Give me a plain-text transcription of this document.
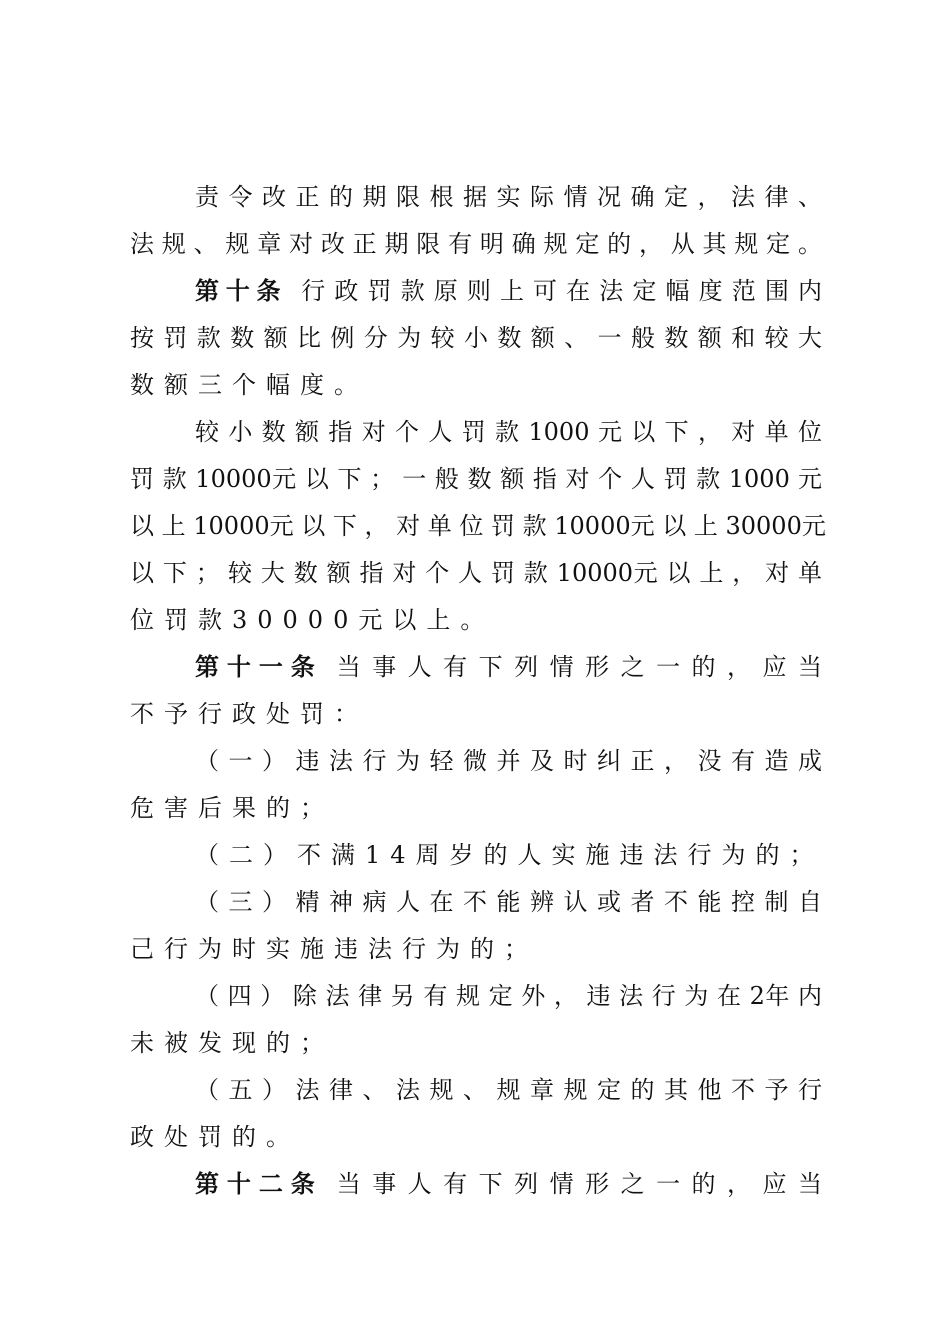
责 令 改 正 的 期 限 根 据 实 际 情 况 确 定 ， 法 律 、
法 规 、 规 章 对 改 正 期 限 有 明 确 规 定 的 ， 从 其 规 定 。
第十条 行 政 罚 款 原 则 上 可 在 法 定 幅 度 范 围 内
按 罚 款 数 额 比 例 分 为 较 小 数 额 、 一 般 数 额 和 较 大
数额三个幅度。
较 小 数 额 指 对 个 人 罚 款 1000 元 以 下 ， 对 单 位
罚 款 10000元 以 下 ； 一 般 数 额 指 对 个 人 罚 款 1000 元
以 上 10000元 以 下 ， 对 单 位 罚 款 10000元 以 上 30000元
以 下 ； 较 大 数 额 指 对 个 人 罚 款 10000元 以 上 ， 对 单
位罚款30000元以上。
第十一条 当 事 人 有 下 列 情 形 之 一 的 ， 应 当
不予行政处罚：
（ 一 ） 违 法 行 为 轻 微 并 及 时 纠 正 ， 没 有 造 成
危害后果的；
（二）不满14周岁的人实施违法行为的；
（ 三 ） 精 神 病 人 在 不 能 辨 认 或 者 不 能 控 制 自
己行为时实施违法行为的；
（ 四 ） 除 法 律 另 有 规 定 外 ， 违 法 行 为 在 2年 内
未被发现的；
（ 五 ） 法 律 、 法 规 、 规 章 规 定 的 其 他 不 予 行
政处罚的。
第十二条 当 事 人 有 下 列 情 形 之 一 的 ， 应 当
